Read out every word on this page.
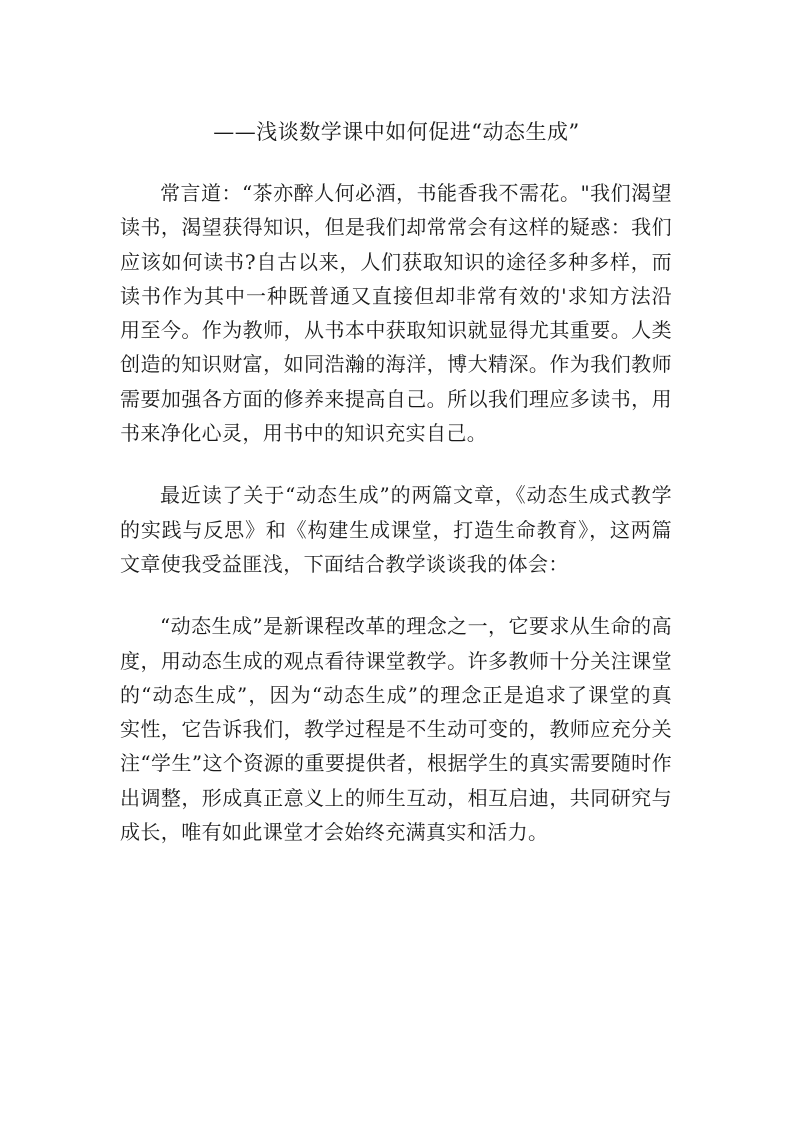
——浅谈数学课中如何促进“动态生成”

常言道：“茶亦醉人何必酒，书能香我不需花。"我们渴望读书，渴望获得知识，但是我们却常常会有这样的疑惑：我们应该如何读书?自古以来，人们获取知识的途径多种多样，而读书作为其中一种既普通又直接但却非常有效的'求知方法沿用至今。作为教师，从书本中获取知识就显得尤其重要。人类创造的知识财富，如同浩瀚的海洋，博大精深。作为我们教师需要加强各方面的修养来提高自己。所以我们理应多读书，用书来净化心灵，用书中的知识充实自己。

最近读了关于“动态生成”的两篇文章，《动态生成式教学的实践与反思》和《构建生成课堂，打造生命教育》，这两篇文章使我受益匪浅，下面结合教学谈谈我的体会：

“动态生成”是新课程改革的理念之一，它要求从生命的高度，用动态生成的观点看待课堂教学。许多教师十分关注课堂的“动态生成”，因为“动态生成”的理念正是追求了课堂的真实性，它告诉我们，教学过程是不生动可变的，教师应充分关注“学生”这个资源的重要提供者，根据学生的真实需要随时作出调整，形成真正意义上的师生互动，相互启迪，共同研究与成长，唯有如此课堂才会始终充满真实和活力。
